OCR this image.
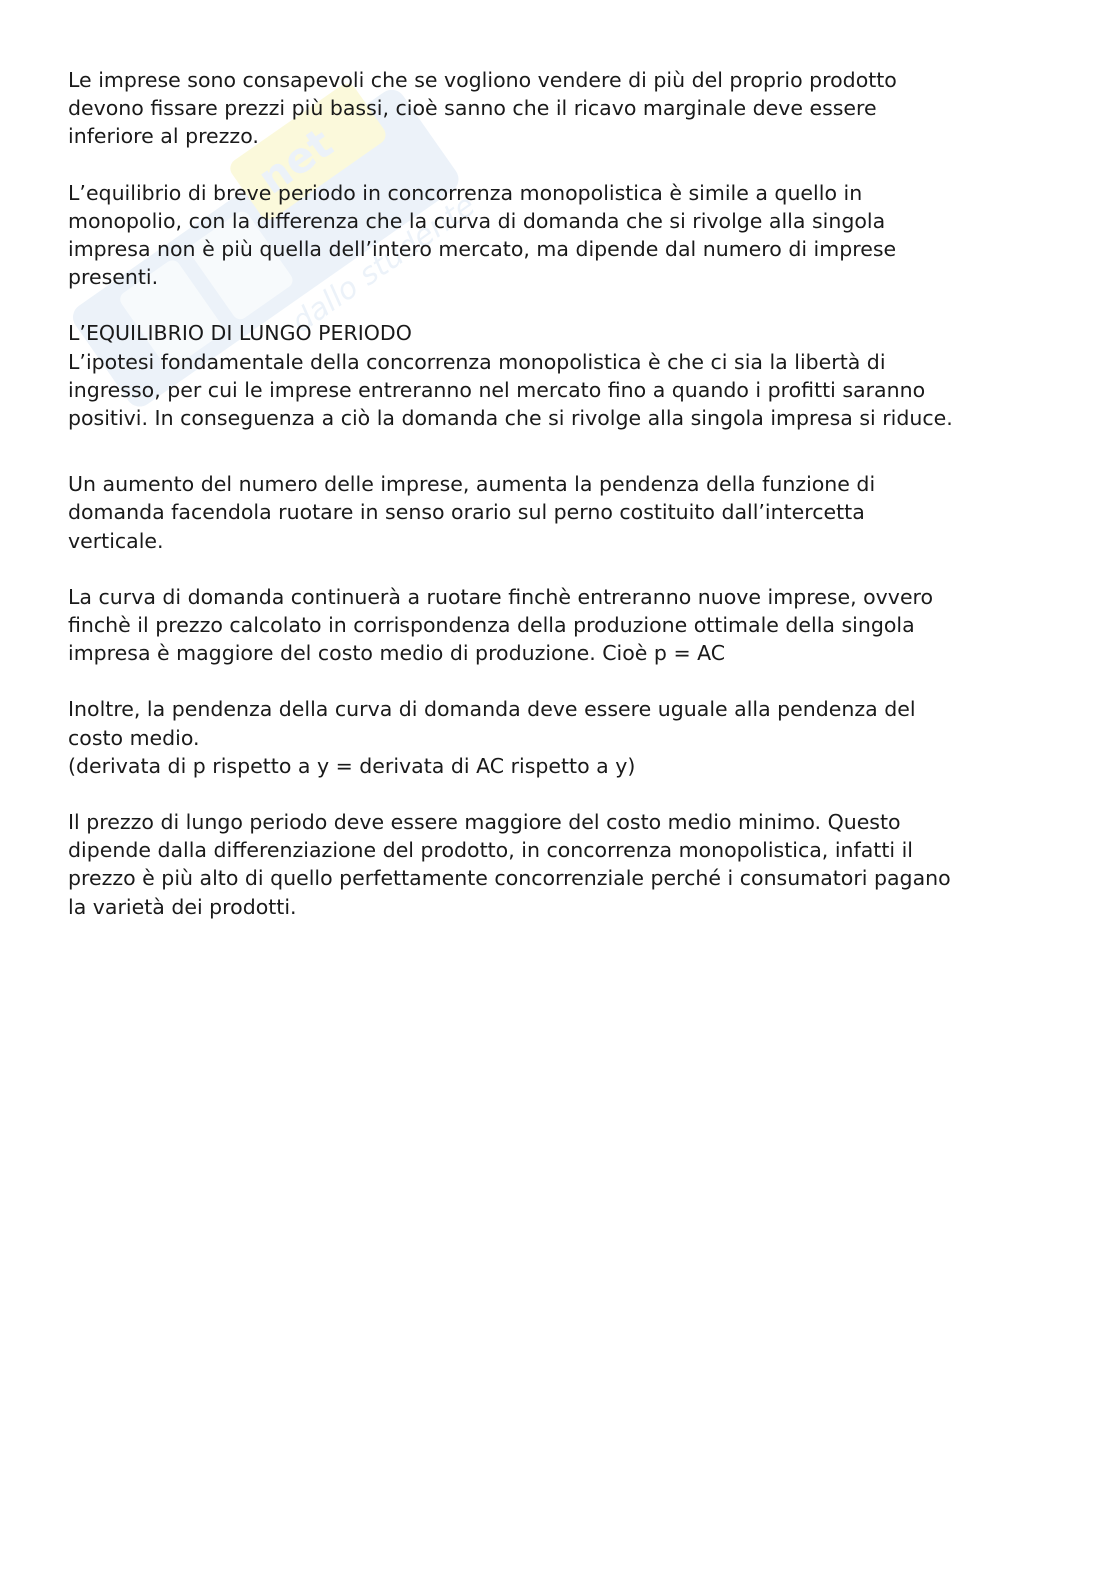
net
dallo studente

Le imprese sono consapevoli che se vogliono vendere di più del proprio prodotto
devono fissare prezzi più bassi, cioè sanno che il ricavo marginale deve essere
inferiore al prezzo.

L’equilibrio di breve periodo in concorrenza monopolistica è simile a quello in
monopolio, con la differenza che la curva di domanda che si rivolge alla singola
impresa non è più quella dell’intero mercato, ma dipende dal numero di imprese
presenti.

L’EQUILIBRIO DI LUNGO PERIODO
L’ipotesi fondamentale della concorrenza monopolistica è che ci sia la libertà di
ingresso, per cui le imprese entreranno nel mercato fino a quando i profitti saranno
positivi. In conseguenza a ciò la domanda che si rivolge alla singola impresa si riduce.

Un aumento del numero delle imprese, aumenta la pendenza della funzione di
domanda facendola ruotare in senso orario sul perno costituito dall’intercetta
verticale.

La curva di domanda continuerà a ruotare finchè entreranno nuove imprese, ovvero
finchè il prezzo calcolato in corrispondenza della produzione ottimale della singola
impresa è maggiore del costo medio di produzione. Cioè p = AC

Inoltre, la pendenza della curva di domanda deve essere uguale alla pendenza del
costo medio.
(derivata di p rispetto a y = derivata di AC rispetto a y)

Il prezzo di lungo periodo deve essere maggiore del costo medio minimo. Questo
dipende dalla differenziazione del prodotto, in concorrenza monopolistica, infatti il
prezzo è più alto di quello perfettamente concorrenziale perché i consumatori pagano
la varietà dei prodotti.
